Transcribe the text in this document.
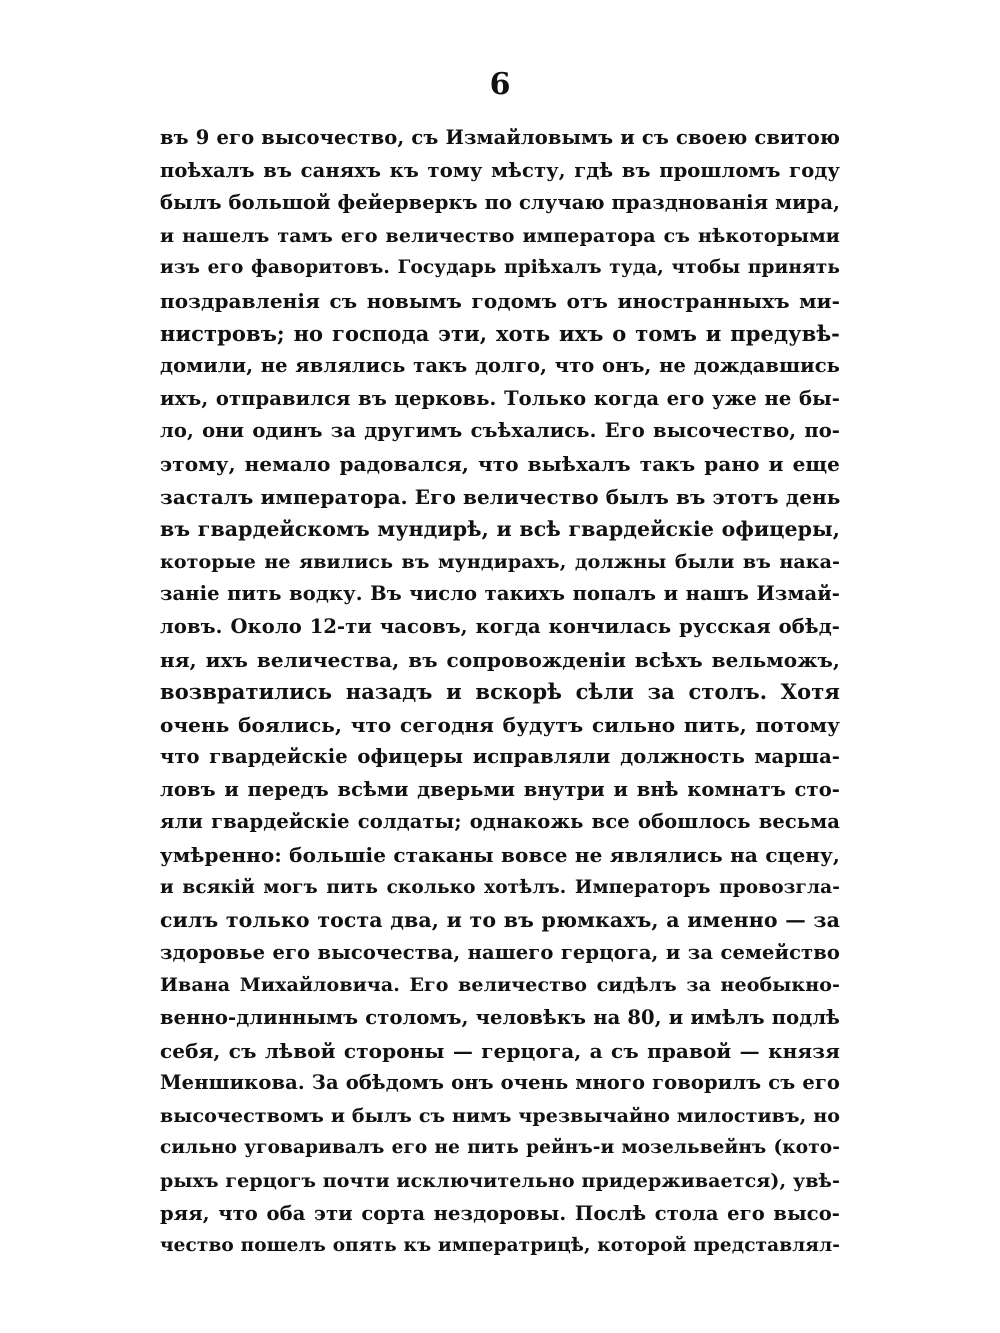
6
въ 9 его высочество, съ Измайловымъ и съ своею свитою
поѣхалъ въ саняхъ къ тому мѣсту, гдѣ въ прошломъ году
былъ большой фейерверкъ по случаю празднованія мира,
и нашелъ тамъ его величество императора съ нѣкоторыми
изъ его фаворитовъ. Государь пріѣхалъ туда, чтобы принять
поздравленія съ новымъ годомъ отъ иностранныхъ ми-
нистровъ; но господа эти, хоть ихъ о томъ и предувѣ-
домили, не являлись такъ долго, что онъ, не дождавшись
ихъ, отправился въ церковь. Только когда его уже не бы-
ло, они одинъ за другимъ съѣхались. Его высочество, по-
этому, немало радовался, что выѣхалъ такъ рано и еще
засталъ императора. Его величество былъ въ этотъ день
въ гвардейскомъ мундирѣ, и всѣ гвардейскіе офицеры,
которые не явились въ мундирахъ, должны были въ нака-
заніе пить водку. Въ число такихъ попалъ и нашъ Измай-
ловъ. Около 12-ти часовъ, когда кончилась русская обѣд-
ня, ихъ величества, въ сопровожденіи всѣхъ вельможъ,
возвратились назадъ и вскорѣ сѣли за столъ. Хотя
очень боялись, что сегодня будутъ сильно пить, потому
что гвардейскіе офицеры исправляли должность марша-
ловъ и передъ всѣми дверьми внутри и внѣ комнатъ сто-
яли гвардейскіе солдаты; однакожь все обошлось весьма
умѣренно: большіе стаканы вовсе не являлись на сцену,
и всякій могъ пить сколько хотѣлъ. Императоръ провозгла-
силъ только тоста два, и то въ рюмкахъ, а именно — за
здоровье его высочества, нашего герцога, и за семейство
Ивана Михайловича. Его величество сидѣлъ за необыкно-
венно-длиннымъ столомъ, человѣкъ на 80, и имѣлъ подлѣ
себя, съ лѣвой стороны — герцога, а съ правой — князя
Меншикова. За обѣдомъ онъ очень много говорилъ съ его
высочествомъ и былъ съ нимъ чрезвычайно милостивъ, но
сильно уговаривалъ его не пить рейнъ-и мозельвейнъ (кото-
рыхъ герцогъ почти исключительно придерживается), увѣ-
ряя, что оба эти сорта нездоровы. Послѣ стола его высо-
чество пошелъ опять къ императрицѣ, которой представлял-
